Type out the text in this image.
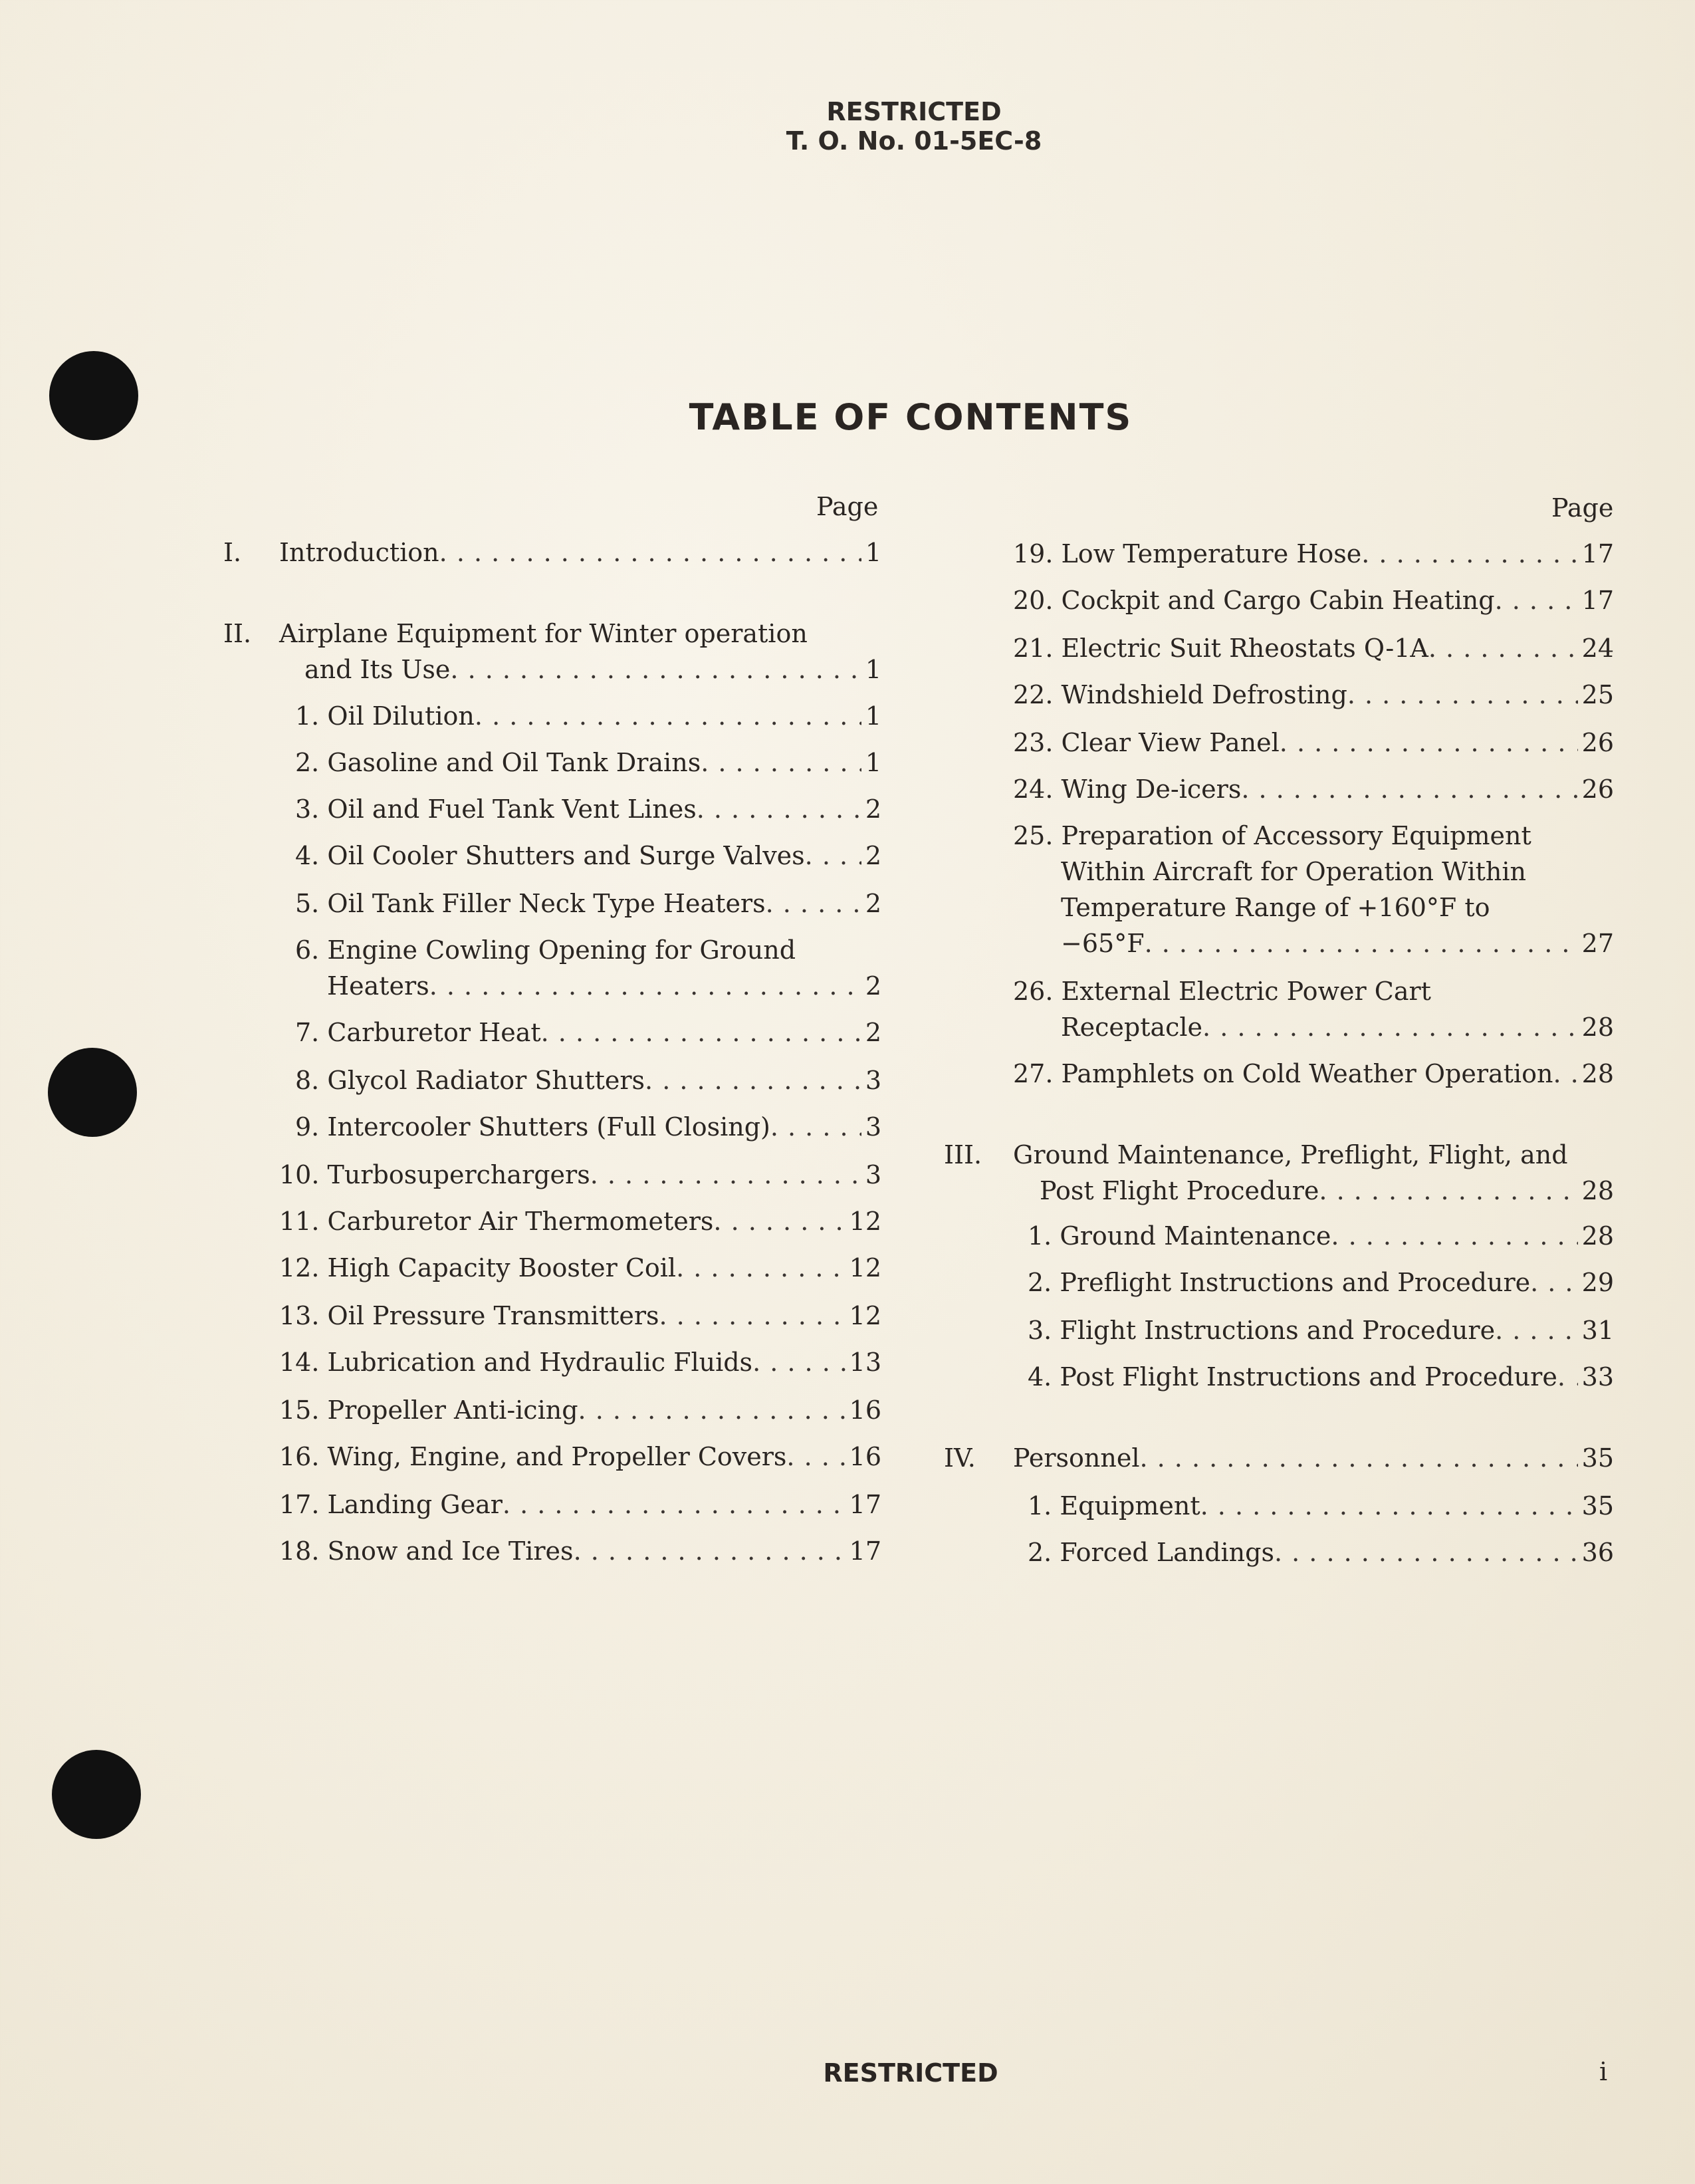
RESTRICTED
T. O. No. 01-5EC-8
TABLE OF CONTENTS
Page	Page
I. Introduction . . .	1
II. Airplane Equipment for Winter operation
and Its Use . . .	1
1. Oil Dilution . . .	1
2. Gasoline and Oil Tank Drains . . .	1
3. Oil and Fuel Tank Vent Lines . . .	2
4. Oil Cooler Shutters and Surge Valves . . . 2
5. Oil Tank Filler Neck Type Heaters . . .	2
6. Engine Cowling Opening for Ground
Heaters . . .	2
7. Carburetor Heat . . .	2
8. Glycol Radiator Shutters . . .	3
9. Intercooler Shutters (Full Closing) . . .	3
10. Turbosuperchargers . . .	3
11. Carburetor Air Thermometers . . .	12
12. High Capacity Booster Coil . . .	12
13. Oil Pressure Transmitters . . .	12
14. Lubrication and Hydraulic Fluids . . .	13
15. Propeller Anti-icing . . .	16
16. Wing, Engine, and Propeller Covers . . . 16
17. Landing Gear . . .	17
18. Snow and Ice Tires . . .	17
19. Low Temperature Hose . . .	17
20. Cockpit and Cargo Cabin Heating . . .	17
21. Electric Suit Rheostats Q-1A . . .	24
22. Windshield Defrosting . . .	25
23. Clear View Panel . . .	26
24. Wing De-icers . . .	26
25. Preparation of Accessory Equipment
Within Aircraft for Operation Within
Temperature Range of +160°F to
−65°F . . .	27
26. External Electric Power Cart
Receptacle . . .	28
27. Pamphlets on Cold Weather Operation . . . 28
III. Ground Maintenance, Preflight, Flight, and
Post Flight Procedure . . .	28
1. Ground Maintenance . . .	28
2. Preflight Instructions and Procedure . . . 29
3. Flight Instructions and Procedure . . .	31
4. Post Flight Instructions and Procedure . . . 33
IV. Personnel . . .	35
1. Equipment . . .	35
2. Forced Landings . . .	36
RESTRICTED	i
